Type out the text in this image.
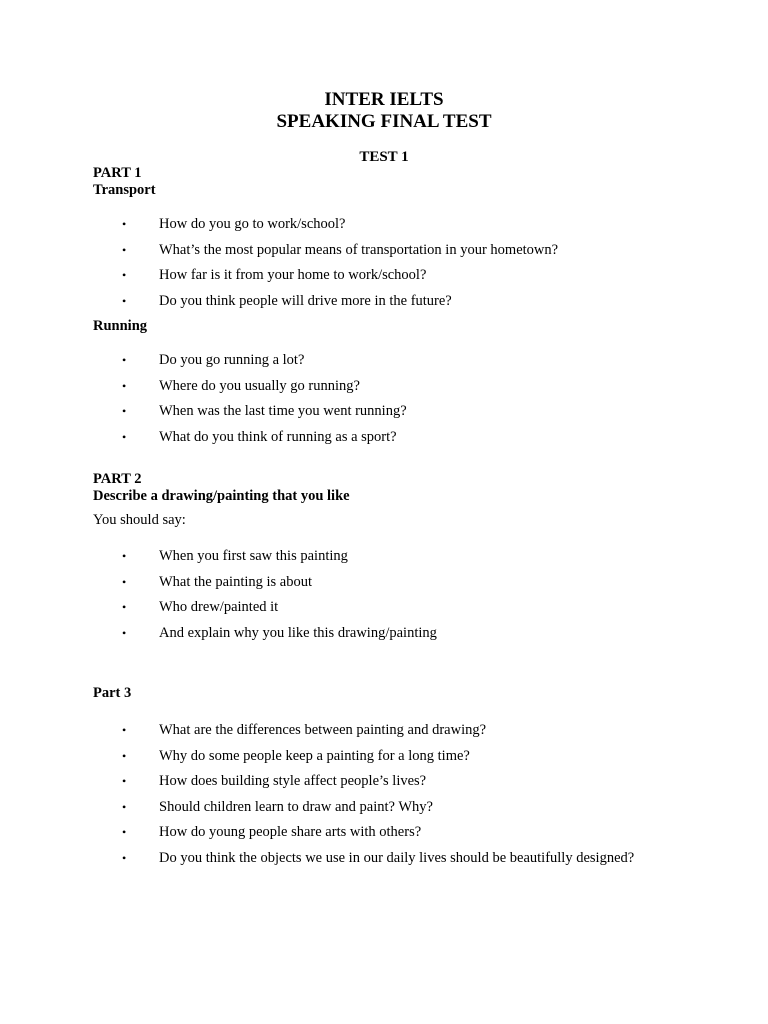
INTER IELTS
SPEAKING FINAL TEST
TEST 1
PART 1
Transport
• How do you go to work/school?
• What’s the most popular means of transportation in your hometown?
• How far is it from your home to work/school?
• Do you think people will drive more in the future?
Running
• Do you go running a lot?
• Where do you usually go running?
• When was the last time you went running?
• What do you think of running as a sport?
PART 2
Describe a drawing/painting that you like
You should say:
• When you first saw this painting
• What the painting is about
• Who drew/painted it
• And explain why you like this drawing/painting
Part 3
• What are the differences between painting and drawing?
• Why do some people keep a painting for a long time?
• How does building style affect people’s lives?
• Should children learn to draw and paint? Why?
• How do young people share arts with others?
• Do you think the objects we use in our daily lives should be beautifully designed?
